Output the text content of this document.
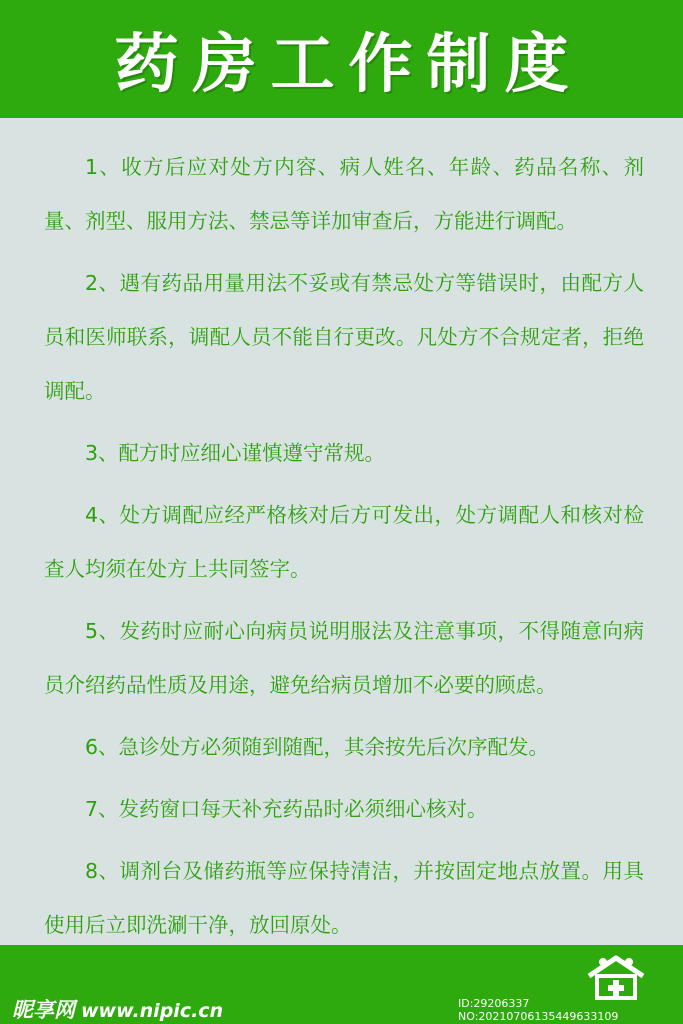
药房工作制度

1、收方后应对处方内容、病人姓名、年龄、药品名称、剂量、剂型、服用方法、禁忌等详加审查后，方能进行调配。

2、遇有药品用量用法不妥或有禁忌处方等错误时，由配方人员和医师联系，调配人员不能自行更改。凡处方不合规定者，拒绝调配。

3、配方时应细心谨慎遵守常规。

4、处方调配应经严格核对后方可发出，处方调配人和核对检查人均须在处方上共同签字。

5、发药时应耐心向病员说明服法及注意事项，不得随意向病员介绍药品性质及用途，避免给病员增加不必要的顾虑。

6、急诊处方必须随到随配，其余按先后次序配发。

7、发药窗口每天补充药品时必须细心核对。

8、调剂台及储药瓶等应保持清洁，并按固定地点放置。用具使用后立即洗涮干净，放回原处。

昵享网 www.nipic.cn	ID:29206337 NO:20210706135449633109
